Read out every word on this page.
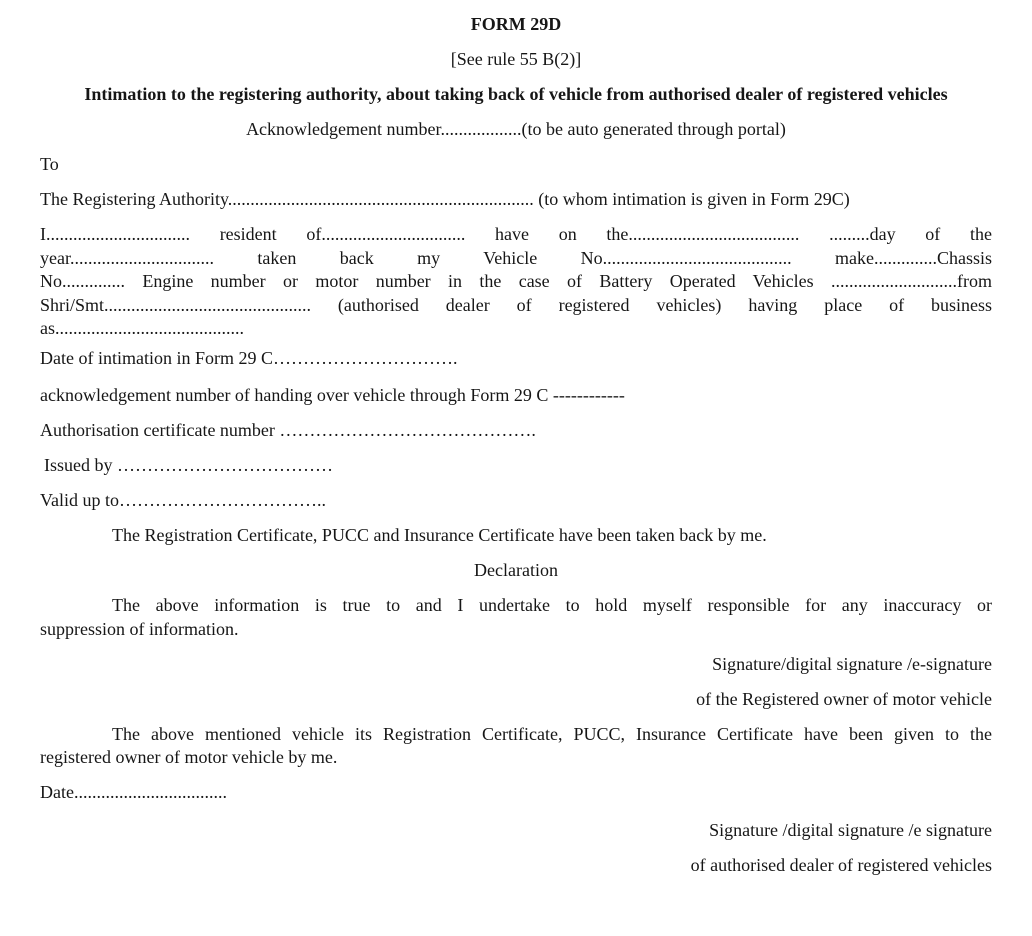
FORM 29D
[See rule 55 B(2)]
Intimation to the registering authority, about taking back of vehicle from authorised dealer of registered vehicles
Acknowledgement number..................(to be auto generated through portal)
To
The Registering Authority.................................................................... (to whom intimation is given in Form 29C)
I................................ resident of................................ have on the...................................... .........day of the
year................................ taken back my Vehicle No.......................................... make..............Chassis
No.............. Engine number or motor number in the case of Battery Operated Vehicles ............................from
Shri/Smt.............................................. (authorised dealer of registered vehicles) having place of business
as..........................................
Date of intimation in Form 29 C………………………….
acknowledgement number of handing over vehicle through Form 29 C ------------
Authorisation certificate number …………………………………….
Issued by ………………………………
Valid up to……………………………..
The Registration Certificate, PUCC and Insurance Certificate have been taken back by me.
Declaration
The above information is true to and I undertake to hold myself responsible for any inaccuracy or
suppression of information.
Signature/digital signature /e-signature
of the Registered owner of motor vehicle
The above mentioned vehicle its Registration Certificate, PUCC, Insurance Certificate have been given to the
registered owner of motor vehicle by me.
Date..................................
Signature /digital signature /e signature
of authorised dealer of registered vehicles
